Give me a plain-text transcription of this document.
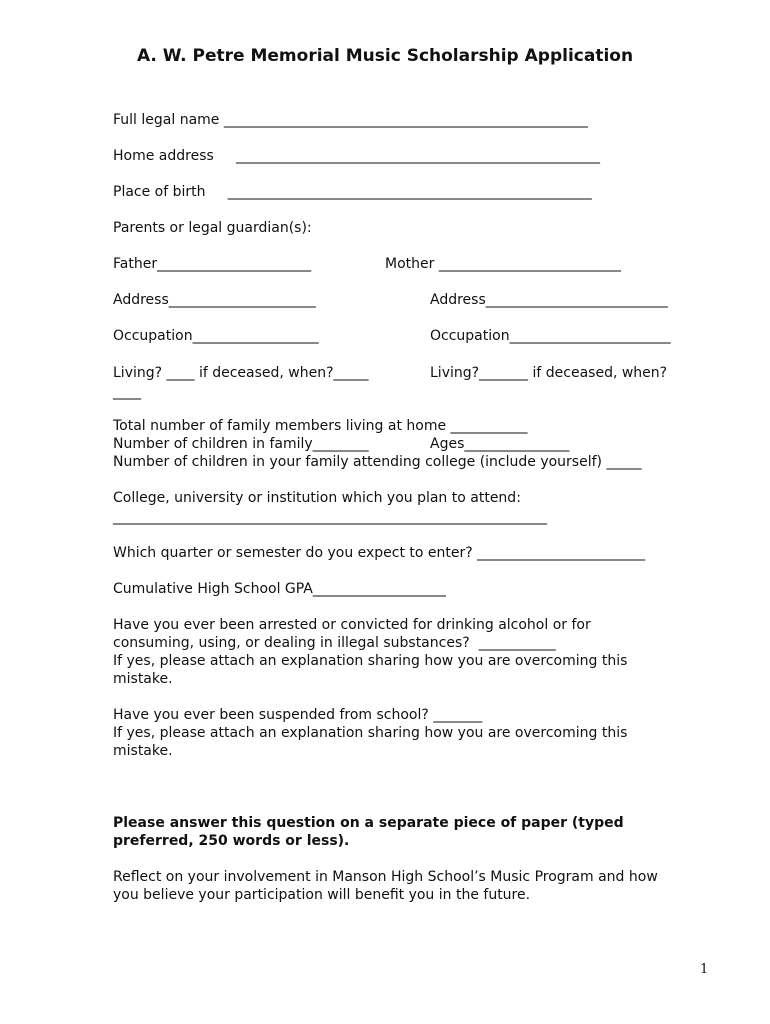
A. W. Petre Memorial Music Scholarship Application
Full legal name ____________________________________________________
Home address     ____________________________________________________
Place of birth     ____________________________________________________
Parents or legal guardian(s):
Father______________________	Mother __________________________
Address_____________________	Address__________________________
Occupation__________________	Occupation_______________________
Living? ____ if deceased, when?_____	Living?_______ if deceased, when?
____
Total number of family members living at home ___________
Number of children in family________	Ages_______________
Number of children in your family attending college (include yourself) _____
College, university or institution which you plan to attend:
______________________________________________________________
Which quarter or semester do you expect to enter? ________________________
Cumulative High School GPA___________________
Have you ever been arrested or convicted for drinking alcohol or for
consuming, using, or dealing in illegal substances?  ___________
If yes, please attach an explanation sharing how you are overcoming this
mistake.
Have you ever been suspended from school? _______
If yes, please attach an explanation sharing how you are overcoming this
mistake.
Please answer this question on a separate piece of paper (typed
preferred, 250 words or less).
Reflect on your involvement in Manson High School’s Music Program and how
you believe your participation will benefit you in the future.
1
